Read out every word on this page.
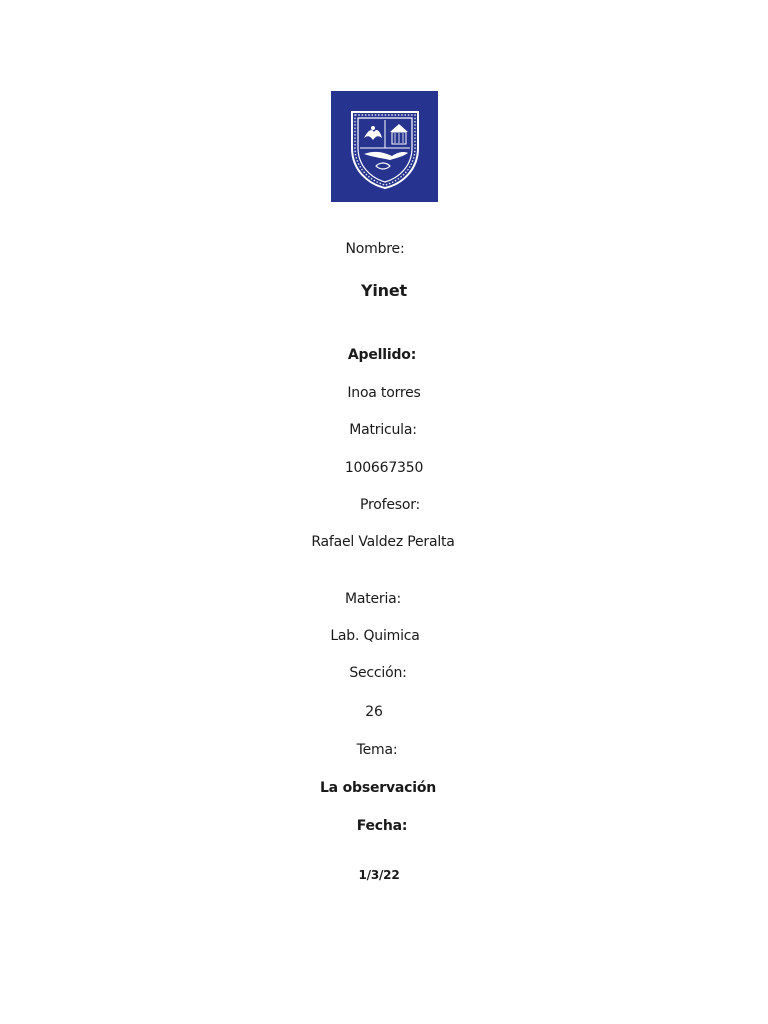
Nombre:
Yinet
Apellido:
Inoa torres
Matricula:
100667350
Profesor:
Rafael Valdez Peralta
Materia:
Lab. Quimica
Sección:
26
Tema:
La observación
Fecha:
1/3/22
